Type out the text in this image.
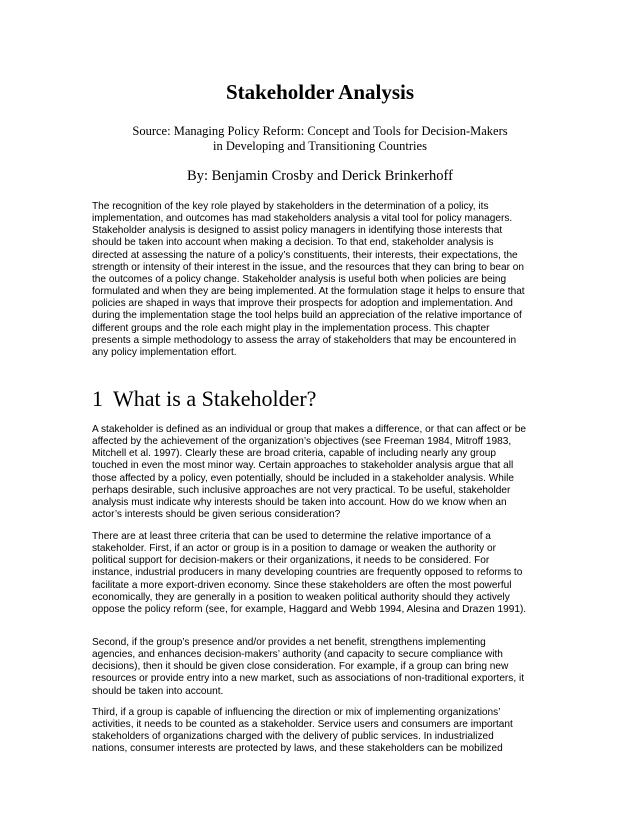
Stakeholder Analysis
Source: Managing Policy Reform: Concept and Tools for Decision-Makers
in Developing and Transitioning Countries
By: Benjamin Crosby and Derick Brinkerhoff

The recognition of the key role played by stakeholders in the determination of a policy, its
implementation, and outcomes has mad stakeholders analysis a vital tool for policy managers.
Stakeholder analysis is designed to assist policy managers in identifying those interests that
should be taken into account when making a decision. To that end, stakeholder analysis is
directed at assessing the nature of a policy’s constituents, their interests, their expectations, the
strength or intensity of their interest in the issue, and the resources that they can bring to bear on
the outcomes of a policy change. Stakeholder analysis is useful both when policies are being
formulated and when they are being implemented. At the formulation stage it helps to ensure that
policies are shaped in ways that improve their prospects for adoption and implementation. And
during the implementation stage the tool helps build an appreciation of the relative importance of
different groups and the role each might play in the implementation process. This chapter
presents a simple methodology to assess the array of stakeholders that may be encountered in
any policy implementation effort.

1 What is a Stakeholder?

A stakeholder is defined as an individual or group that makes a difference, or that can affect or be
affected by the achievement of the organization’s objectives (see Freeman 1984, Mitroff 1983,
Mitchell et al. 1997). Clearly these are broad criteria, capable of including nearly any group
touched in even the most minor way. Certain approaches to stakeholder analysis argue that all
those affected by a policy, even potentially, should be included in a stakeholder analysis. While
perhaps desirable, such inclusive approaches are not very practical. To be useful, stakeholder
analysis must indicate why interests should be taken into account. How do we know when an
actor’s interests should be given serious consideration?

There are at least three criteria that can be used to determine the relative importance of a
stakeholder. First, if an actor or group is in a position to damage or weaken the authority or
political support for decision-makers or their organizations, it needs to be considered. For
instance, industrial producers in many developing countries are frequently opposed to reforms to
facilitate a more export-driven economy. Since these stakeholders are often the most powerful
economically, they are generally in a position to weaken political authority should they actively
oppose the policy reform (see, for example, Haggard and Webb 1994, Alesina and Drazen 1991).

Second, if the group’s presence and/or provides a net benefit, strengthens implementing
agencies, and enhances decision-makers’ authority (and capacity to secure compliance with
decisions), then it should be given close consideration. For example, if a group can bring new
resources or provide entry into a new market, such as associations of non-traditional exporters, it
should be taken into account.

Third, if a group is capable of influencing the direction or mix of implementing organizations’
activities, it needs to be counted as a stakeholder. Service users and consumers are important
stakeholders of organizations charged with the delivery of public services. In industrialized
nations, consumer interests are protected by laws, and these stakeholders can be mobilized
